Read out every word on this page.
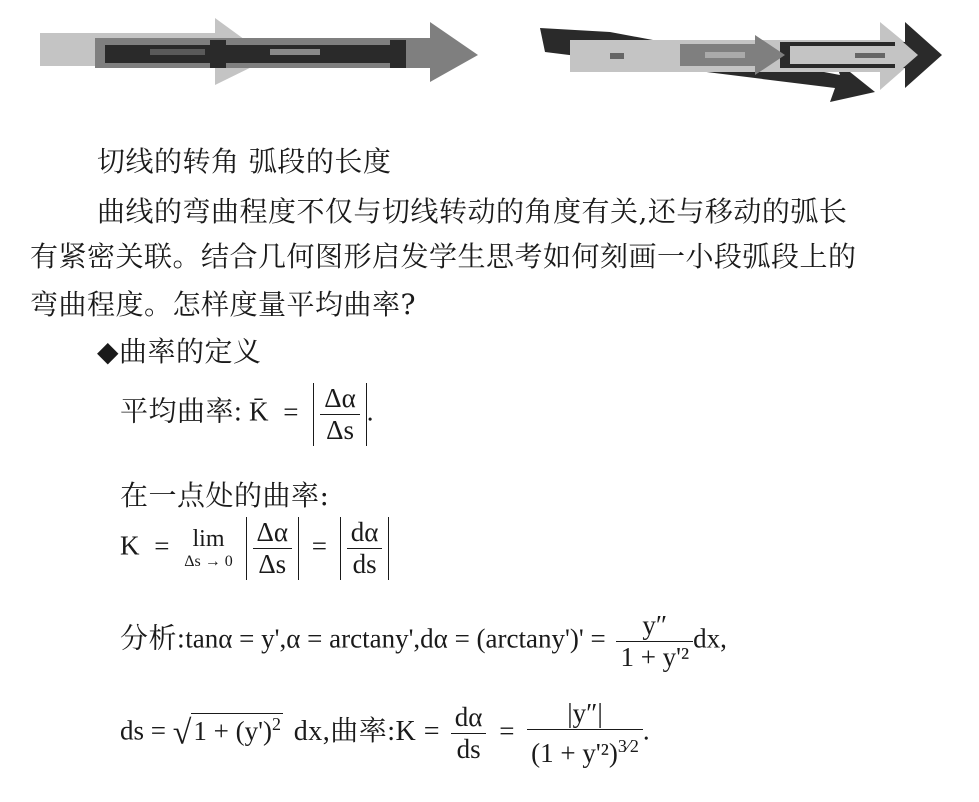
切线的转角 弧段的长度
曲线的弯曲程度不仅与切线转动的角度有关,还与移动的弧长
有紧密关联。结合几何图形启发学生思考如何刻画一小段弧段上的
弯曲程度。怎样度量平均曲率?
◆曲率的定义
平均曲率: K̄ = $\frac{\Delta\alpha}{\Delta s}$ .
在一点处的曲率:
K = lim
Δs → 0
$\frac{\Delta\alpha}{\Delta s} = \frac{d\alpha}{ds}$
分析:tanα = $y',\alpha = \arctan y',d\alpha = (\arctan y')' = \frac{y''}{\text{1 + y'²}}$ dx,
ds = $√1 + (y')^2$ dx,曲率:K = $\frac{d\alpha}{ds} = \frac{|y''|}{(1 + y'^2)^{3⁄2}}$ .
